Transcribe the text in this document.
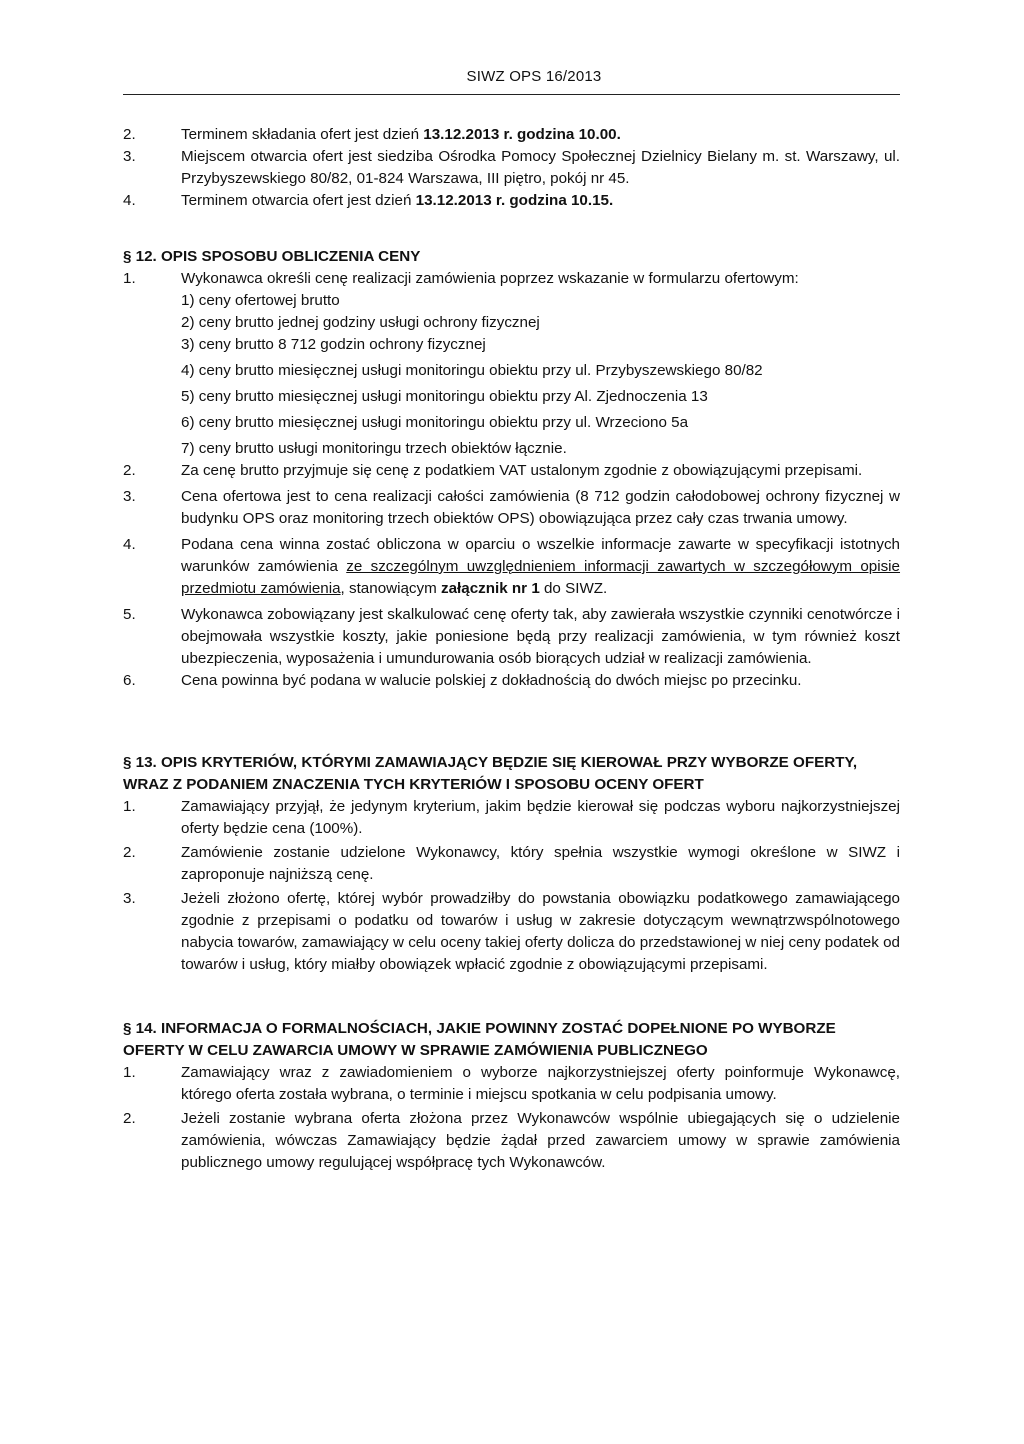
SIWZ OPS 16/2013
2.	Terminem składania ofert jest dzień 13.12.2013 r. godzina 10.00.

3.	Miejscem otwarcia ofert jest siedziba Ośrodka Pomocy Społecznej Dzielnicy Bielany m. st. Warszawy, ul. Przybyszewskiego 80/82, 01-824 Warszawa, III piętro, pokój nr 45.

4.	Terminem otwarcia ofert jest dzień 13.12.2013 r. godzina 10.15.

§ 12. OPIS SPOSOBU OBLICZENIA CENY
1.	Wykonawca określi cenę realizacji zamówienia poprzez wskazanie w formularzu ofertowym:

1) ceny ofertowej brutto
2) ceny brutto jednej godziny usługi ochrony fizycznej
3) ceny brutto 8 712 godzin ochrony fizycznej
4) ceny brutto miesięcznej usługi monitoringu obiektu przy ul. Przybyszewskiego 80/82
5) ceny brutto miesięcznej usługi monitoringu obiektu przy Al. Zjednoczenia 13
6) ceny brutto miesięcznej usługi monitoringu obiektu przy ul. Wrzeciono 5a
7) ceny brutto usługi monitoringu trzech obiektów łącznie.
2.	Za cenę brutto przyjmuje się cenę z podatkiem VAT ustalonym zgodnie z obowiązującymi przepisami.

3.	Cena ofertowa jest to cena realizacji całości zamówienia (8 712 godzin całodobowej ochrony fizycznej w budynku OPS oraz monitoring trzech obiektów OPS) obowiązująca przez cały czas trwania umowy.

4.	Podana cena winna zostać obliczona w oparciu o wszelkie informacje zawarte w specyfikacji istotnych warunków zamówienia ze szczególnym uwzględnieniem informacji zawartych w szczegółowym opisie przedmiotu zamówienia, stanowiącym załącznik nr 1 do SIWZ.

5.	Wykonawca zobowiązany jest skalkulować cenę oferty tak, aby zawierała wszystkie czynniki cenotwórcze i obejmowała wszystkie koszty, jakie poniesione będą przy realizacji zamówienia, w tym również koszt ubezpieczenia, wyposażenia i umundurowania osób biorących udział w realizacji zamówienia.

6.	Cena powinna być podana w walucie polskiej z dokładnością do dwóch miejsc po przecinku.

§ 13. OPIS KRYTERIÓW, KTÓRYMI ZAMAWIAJĄCY BĘDZIE SIĘ KIEROWAŁ PRZY WYBORZE OFERTY, WRAZ Z PODANIEM ZNACZENIA TYCH KRYTERIÓW I SPOSOBU OCENY OFERT
1.	Zamawiający przyjął, że jedynym kryterium, jakim będzie kierował się podczas wyboru najkorzystniejszej oferty będzie cena (100%).

2.	Zamówienie zostanie udzielone Wykonawcy, który spełnia wszystkie wymogi określone w SIWZ i zaproponuje najniższą cenę.

3.	Jeżeli złożono ofertę, której wybór prowadziłby do powstania obowiązku podatkowego zamawiającego zgodnie z przepisami o podatku od towarów i usług w zakresie dotyczącym wewnątrzwspólnotowego nabycia towarów, zamawiający w celu oceny takiej oferty dolicza do przedstawionej w niej ceny podatek od towarów i usług, który miałby obowiązek wpłacić zgodnie z obowiązującymi przepisami.

§ 14. INFORMACJA O FORMALNOŚCIACH, JAKIE POWINNY ZOSTAĆ DOPEŁNIONE PO WYBORZE OFERTY W CELU ZAWARCIA UMOWY W SPRAWIE ZAMÓWIENIA PUBLICZNEGO
1.	Zamawiający wraz z zawiadomieniem o wyborze najkorzystniejszej oferty poinformuje Wykonawcę, którego oferta została wybrana, o terminie i miejscu spotkania w celu podpisania umowy.

2.	Jeżeli zostanie wybrana oferta złożona przez Wykonawców wspólnie ubiegających się o udzielenie zamówienia, wówczas Zamawiający będzie żądał przed zawarciem umowy w sprawie zamówienia publicznego umowy regulującej współpracę tych Wykonawców.
